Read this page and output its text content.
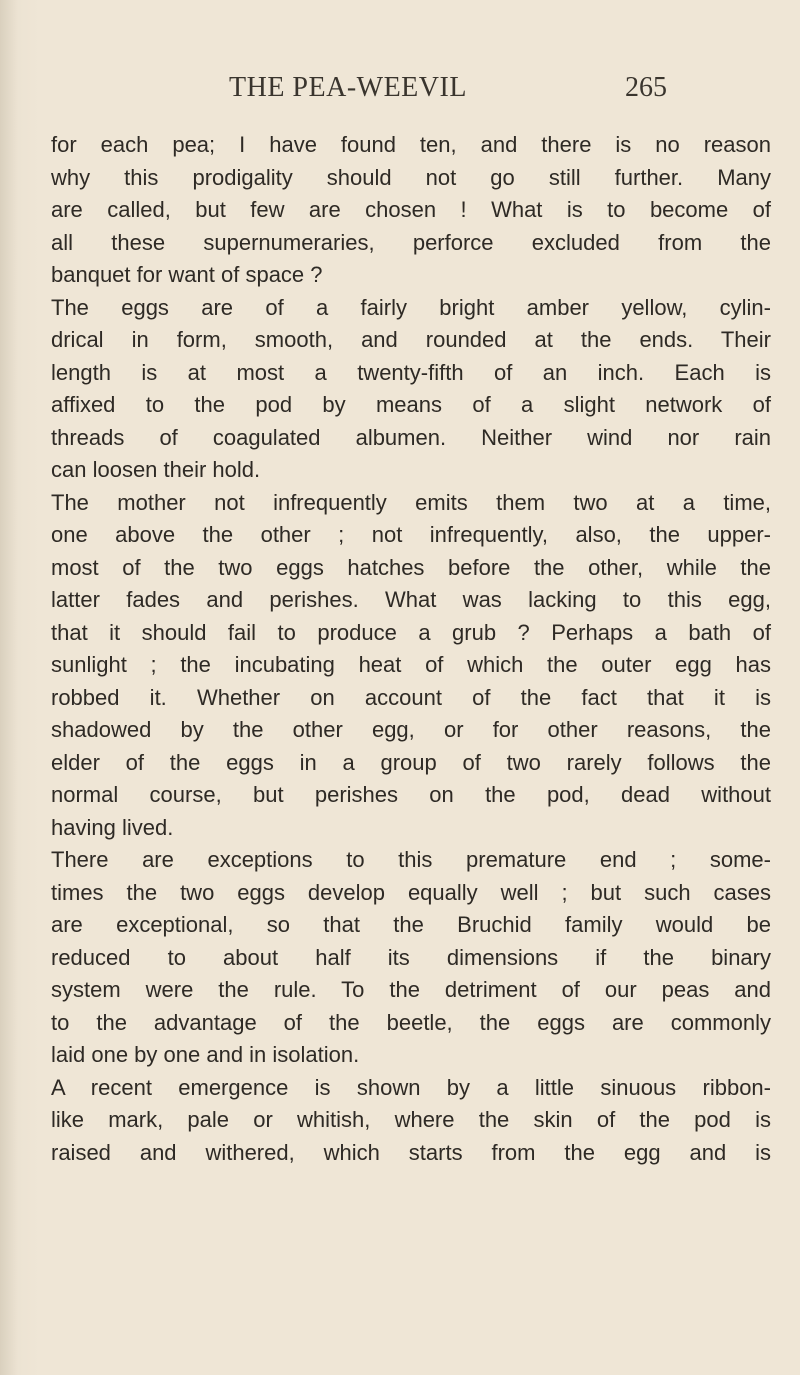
THE PEA-WEEVIL	265
for each pea; I have found ten, and there is no reason
why this prodigality should not go still further. Many
are called, but few are chosen ! What is to become of
all these supernumeraries, perforce excluded from the
banquet for want of space ?
The eggs are of a fairly bright amber yellow, cylin-
drical in form, smooth, and rounded at the ends. Their
length is at most a twenty-fifth of an inch. Each is
affixed to the pod by means of a slight network of
threads of coagulated albumen. Neither wind nor rain
can loosen their hold.
The mother not infrequently emits them two at a time,
one above the other ; not infrequently, also, the upper-
most of the two eggs hatches before the other, while the
latter fades and perishes. What was lacking to this egg,
that it should fail to produce a grub ? Perhaps a bath of
sunlight ; the incubating heat of which the outer egg has
robbed it. Whether on account of the fact that it is
shadowed by the other egg, or for other reasons, the
elder of the eggs in a group of two rarely follows the
normal course, but perishes on the pod, dead without
having lived.
There are exceptions to this premature end ; some-
times the two eggs develop equally well ; but such cases
are exceptional, so that the Bruchid family would be
reduced to about half its dimensions if the binary
system were the rule. To the detriment of our peas and
to the advantage of the beetle, the eggs are commonly
laid one by one and in isolation.
A recent emergence is shown by a little sinuous ribbon-
like mark, pale or whitish, where the skin of the pod is
raised and withered, which starts from the egg and is
